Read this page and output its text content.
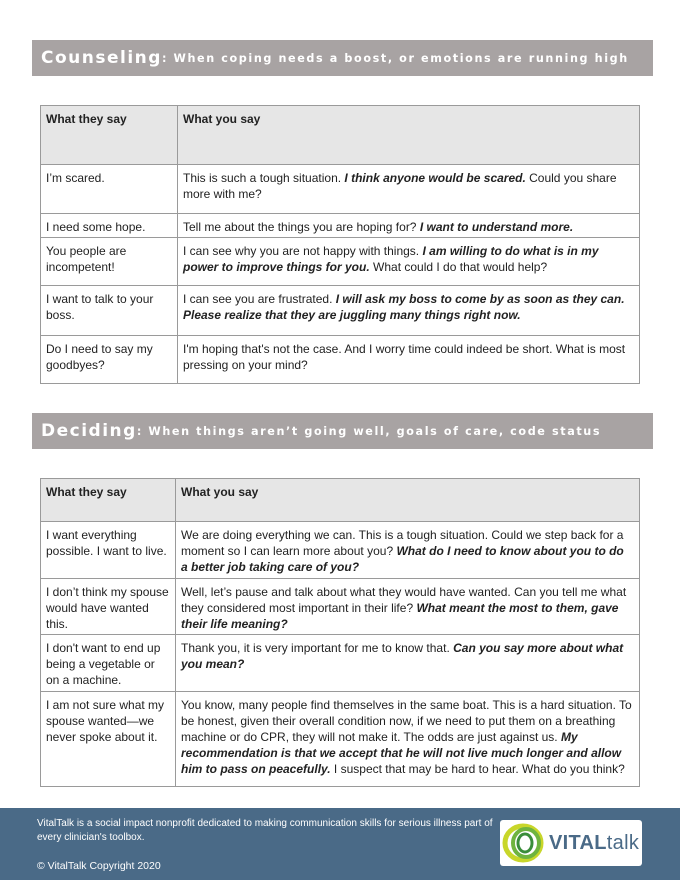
Counseling : When coping needs a boost, or emotions are running high
What they say	What you say
I’m scared.	This is such a tough situation. I think anyone would be scared. Could you share more with me?
I need some hope.	Tell me about the things you are hoping for? I want to understand more.
You people are incompetent!	I can see why you are not happy with things. I am willing to do what is in my power to improve things for you. What could I do that would help?
I want to talk to your boss.	I can see you are frustrated. I will ask my boss to come by as soon as they can. Please realize that they are juggling many things right now.
Do I need to say my goodbyes?	I'm hoping that's not the case. And I worry time could indeed be short. What is most pressing on your mind?
Deciding : When things aren’t going well, goals of care, code status
What they say	What you say
I want everything possible. I want to live.	We are doing everything we can. This is a tough situation. Could we step back for a moment so I can learn more about you? What do I need to know about you to do a better job taking care of you?
I don’t think my spouse would have wanted this.	Well, let’s pause and talk about what they would have wanted. Can you tell me what they considered most important in their life? What meant the most to them, gave their life meaning?
I don't want to end up being a vegetable or on a machine.	Thank you, it is very important for me to know that. Can you say more about what you mean?
I am not sure what my spouse wanted—we never spoke about it.	You know, many people find themselves in the same boat. This is a hard situation. To be honest, given their overall condition now, if we need to put them on a breathing machine or do CPR, they will not make it. The odds are just against us. My recommendation is that we accept that he will not live much longer and allow him to pass on peacefully. I suspect that may be hard to hear. What do you think?
VitalTalk is a social impact nonprofit dedicated to making communication skills for serious illness part of every clinician's toolbox.
© VitalTalk Copyright 2020
VITALtalk
